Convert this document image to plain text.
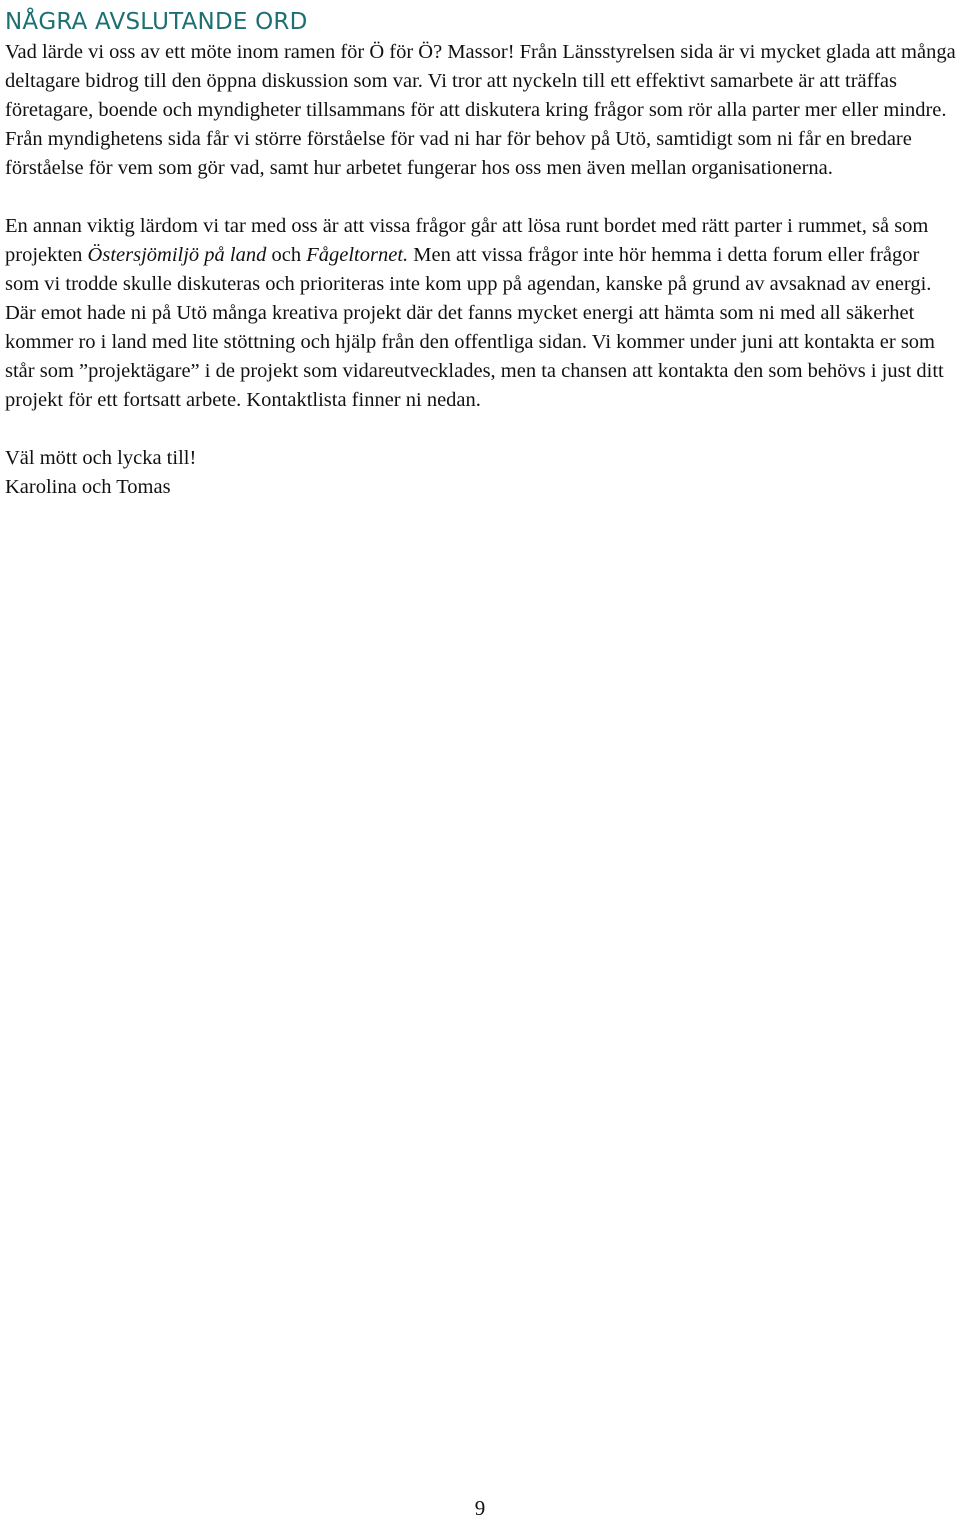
NÅGRA AVSLUTANDE ORD

Vad lärde vi oss av ett möte inom ramen för Ö för Ö? Massor! Från Länsstyrelsen sida är vi mycket glada att många deltagare bidrog till den öppna diskussion som var. Vi tror att nyckeln till ett effektivt samarbete är att träffas företagare, boende och myndigheter tillsammans för att diskutera kring frågor som rör alla parter mer eller mindre. Från myndighetens sida får vi större förståelse för vad ni har för behov på Utö, samtidigt som ni får en bredare förståelse för vem som gör vad, samt hur arbetet fungerar hos oss men även mellan organisationerna.

En annan viktig lärdom vi tar med oss är att vissa frågor går att lösa runt bordet med rätt parter i rummet, så som projekten Östersjömiljö på land och Fågeltornet. Men att vissa frågor inte hör hemma i detta forum eller frågor som vi trodde skulle diskuteras och prioriteras inte kom upp på agendan, kanske på grund av avsaknad av energi. Där emot hade ni på Utö många kreativa projekt där det fanns mycket energi att hämta som ni med all säkerhet kommer ro i land med lite stöttning och hjälp från den offentliga sidan. Vi kommer under juni att kontakta er som står som ”projektägare” i de projekt som vidareutvecklades, men ta chansen att kontakta den som behövs i just ditt projekt för ett fortsatt arbete. Kontaktlista finner ni nedan.

Väl mött och lycka till!
Karolina och Tomas

9
